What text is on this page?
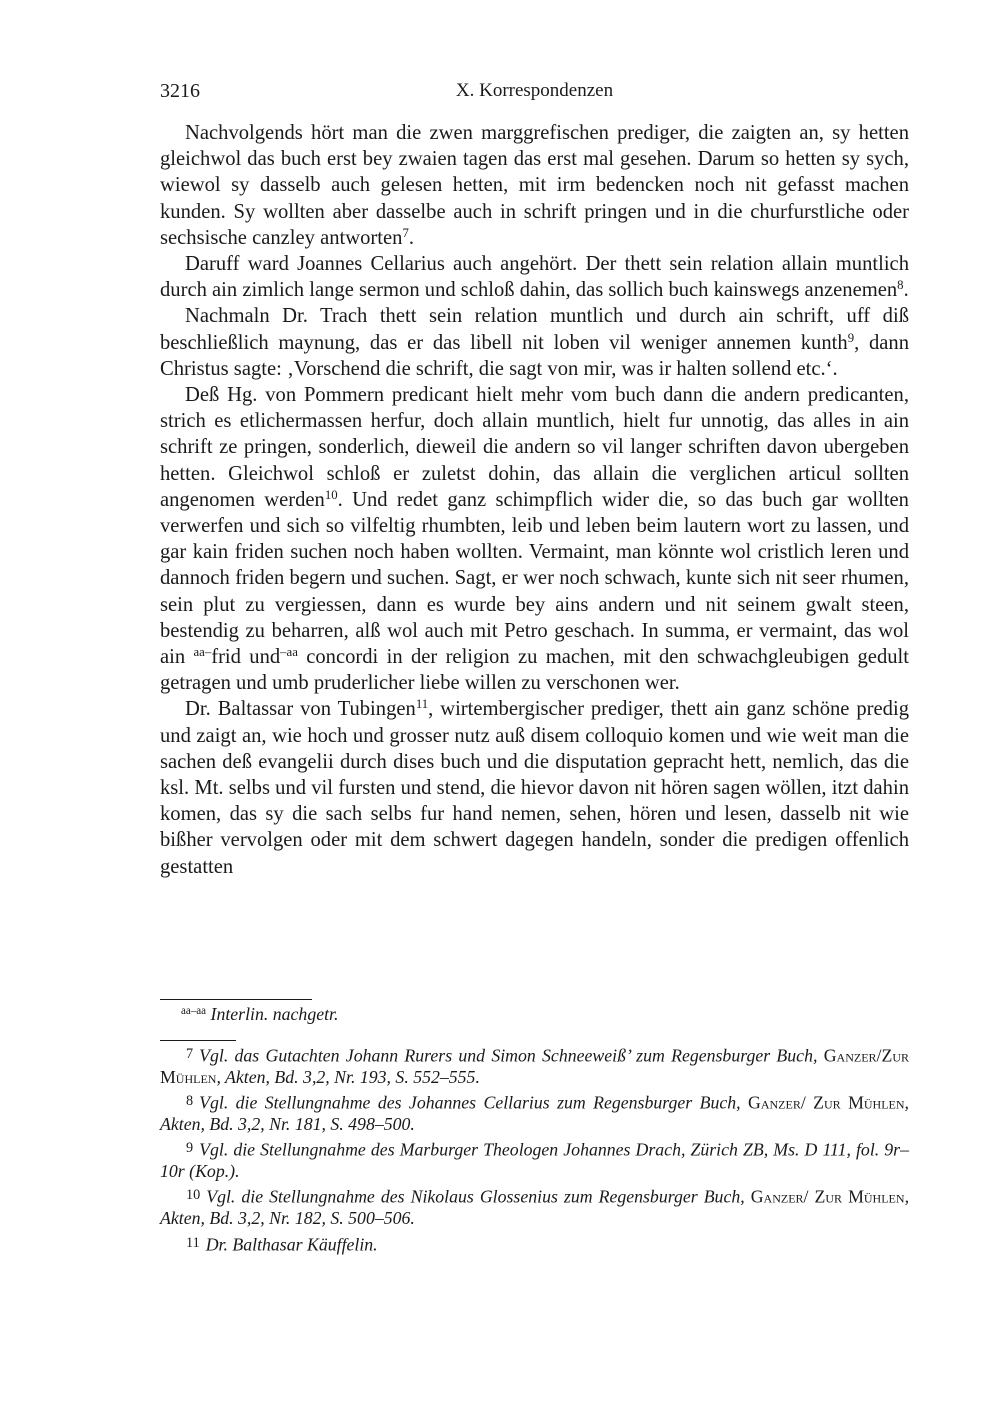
3216	X. Korrespondenzen

Nachvolgends hört man die zwen marggrefischen prediger, die zaigten an, sy hetten gleichwol das buch erst bey zwaien tagen das erst mal gesehen. Darum so hetten sy sych, wiewol sy dasselb auch gelesen hetten, mit irm bedencken noch nit gefasst machen kunden. Sy wollten aber dasselbe auch in schrift pringen und in die churfurstliche oder sechsische canzley antworten$^7$.

Daruff ward Joannes Cellarius auch angehört. Der thett sein relation allain muntlich durch ain zimlich lange sermon und schloß dahin, das sollich buch kainswegs anzenemen$^8$.

Nachmaln Dr. Trach thett sein relation muntlich und durch ain schrift, uff diß beschließlich maynung, das er das libell nit loben vil weniger annemen kunth$^9$, dann Christus sagte: ‚Vorschend die schrift, die sagt von mir, was ir halten sollend etc.‘.

Deß Hg. von Pommern predicant hielt mehr vom buch dann die andern predicanten, strich es etlichermassen herfur, doch allain muntlich, hielt fur unnotig, das alles in ain schrift ze pringen, sonderlich, dieweil die andern so vil langer schriften davon ubergeben hetten. Gleichwol schloß er zuletst dohin, das allain die verglichen articul sollten angenomen werden$^{10}$. Und redet ganz schimpflich wider die, so das buch gar wollten verwerfen und sich so vilfeltig rhumbten, leib und leben beim lautern wort zu lassen, und gar kain friden suchen noch haben wollten. Vermaint, man könnte wol cristlich leren und dannoch friden begern und suchen. Sagt, er wer noch schwach, kunte sich nit seer rhumen, sein plut zu vergiessen, dann es wurde bey ains andern und nit seinem gwalt steen, bestendig zu beharren, alß wol auch mit Petro geschach. In summa, er vermaint, das wol ain $^{aa-}$frid und$^{-aa}$ concordi in der religion zu machen, mit den schwachgleubigen gedult getragen und umb pruderlicher liebe willen zu verschonen wer.

Dr. Baltassar von Tubingen$^{11}$, wirtembergischer prediger, thett ain ganz schöne predig und zaigt an, wie hoch und grosser nutz auß disem colloquio komen und wie weit man die sachen deß evangelii durch dises buch und die disputation gepracht hett, nemlich, das die ksl. Mt. selbs und vil fursten und stend, die hievor davon nit hören sagen wöllen, itzt dahin komen, das sy die sach selbs fur hand nemen, sehen, hören und lesen, dasselb nit wie bißher vervolgen oder mit dem schwert dagegen handeln, sonder die predigen offenlich gestatten

$^{aa-aa}$ Interlin. nachgetr.

7 Vgl. das Gutachten Johann Rurers und Simon Schneeweiß’ zum Regensburger Buch, Ganzer/Zur Mühlen, Akten, Bd. 3,2, Nr. 193, S. 552–555.

8 Vgl. die Stellungnahme des Johannes Cellarius zum Regensburger Buch, Ganzer/ Zur Mühlen, Akten, Bd. 3,2, Nr. 181, S. 498–500.

9 Vgl. die Stellungnahme des Marburger Theologen Johannes Drach, Zürich ZB, Ms. D 111, fol. 9r–10r (Kop.).

10 Vgl. die Stellungnahme des Nikolaus Glossenius zum Regensburger Buch, Ganzer/ Zur Mühlen, Akten, Bd. 3,2, Nr. 182, S. 500–506.

11 Dr. Balthasar Käuffelin.
